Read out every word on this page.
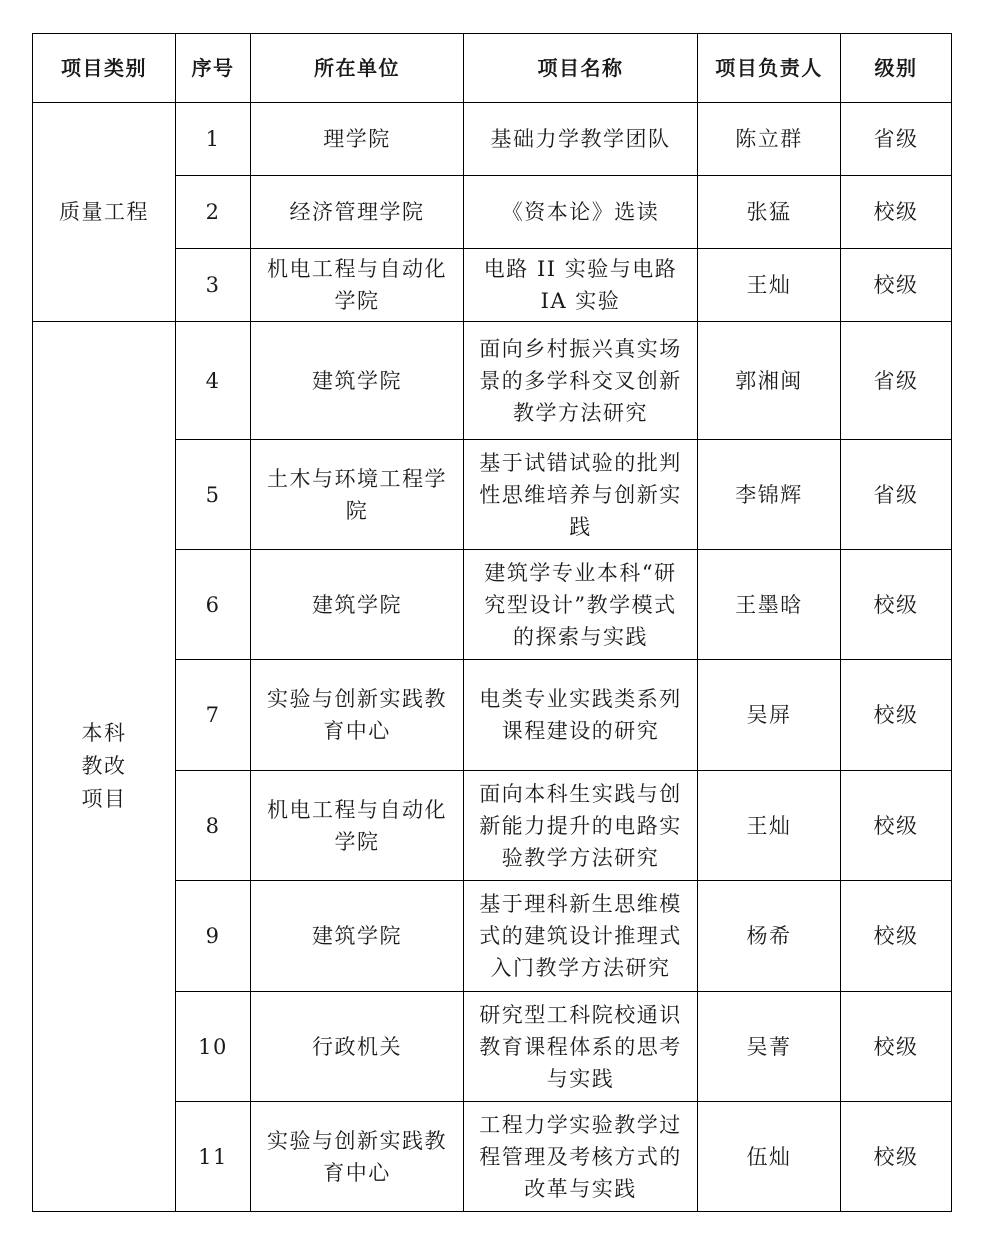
项目类别	序号	所在单位	项目名称	项目负责人	级别
质量工程	1	理学院	基础力学教学团队	陈立群	省级
	2	经济管理学院	《资本论》选读	张猛	校级
	3	机电工程与自动化学院	电路 II 实验与电路 IA 实验	王灿	校级
本科教改项目	4	建筑学院	面向乡村振兴真实场景的多学科交叉创新教学方法研究	郭湘闽	省级
	5	土木与环境工程学院	基于试错试验的批判性思维培养与创新实践	李锦辉	省级
	6	建筑学院	建筑学专业本科“研究型设计”教学模式的探索与实践	王墨晗	校级
	7	实验与创新实践教育中心	电类专业实践类系列课程建设的研究	吴屏	校级
	8	机电工程与自动化学院	面向本科生实践与创新能力提升的电路实验教学方法研究	王灿	校级
	9	建筑学院	基于理科新生思维模式的建筑设计推理式入门教学方法研究	杨希	校级
	10	行政机关	研究型工科院校通识教育课程体系的思考与实践	吴菁	校级
	11	实验与创新实践教育中心	工程力学实验教学过程管理及考核方式的改革与实践	伍灿	校级
